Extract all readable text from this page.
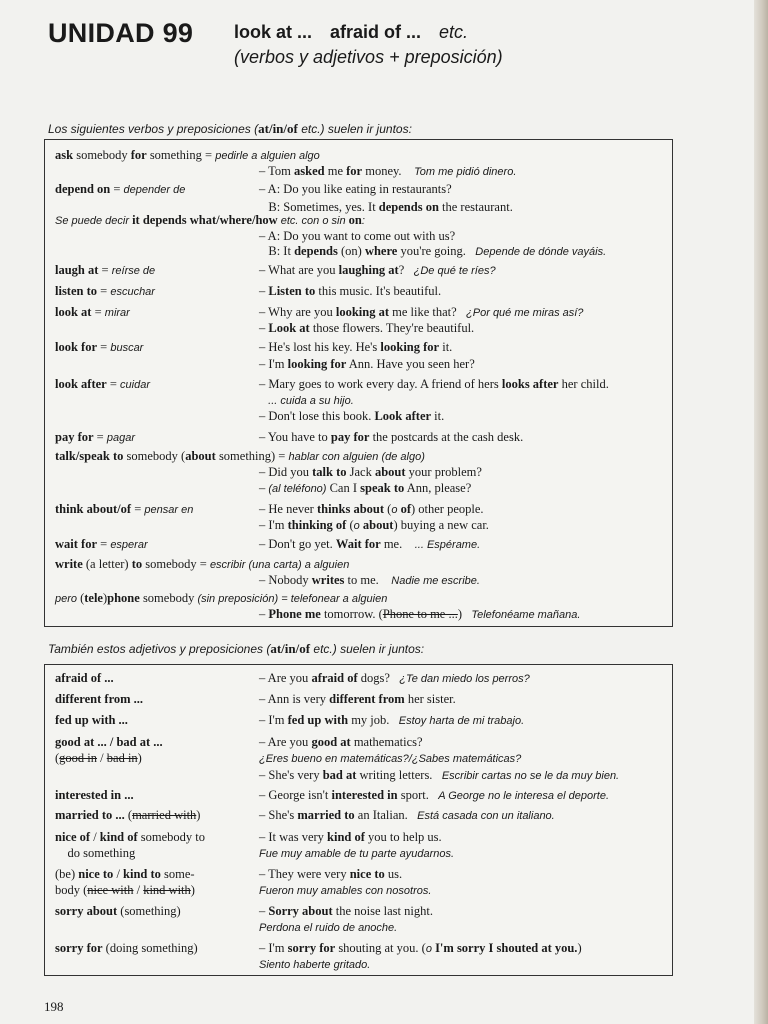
UNIDAD 99 look at ... afraid of ... etc.
(verbos y adjetivos + preposición)
Los siguientes verbos y preposiciones (at/in/of etc.) suelen ir juntos:
ask somebody for something = pedirle a alguien algo
– Tom asked me for money.    Tom me pidió dinero.
depend on = depender de	– A: Do you like eating in restaurants?
B: Sometimes, yes. It depends on the restaurant.
Se puede decir it depends what/where/how etc. con o sin on:
– A: Do you want to come out with us?
B: It depends (on) where you're going.   Depende de dónde vayáis.
laugh at = reírse de	– What are you laughing at?   ¿De qué te ríes?
listen to = escuchar	– Listen to this music. It's beautiful.
look at = mirar	– Why are you looking at me like that?   ¿Por qué me miras así?
– Look at those flowers. They're beautiful.
look for = buscar	– He's lost his key. He's looking for it.
– I'm looking for Ann. Have you seen her?
look after = cuidar	– Mary goes to work every day. A friend of hers looks after her child.
... cuida a su hijo.
– Don't lose this book. Look after it.
pay for = pagar	– You have to pay for the postcards at the cash desk.
talk/speak to somebody (about something) = hablar con alguien (de algo)
– Did you talk to Jack about your problem?
– (al teléfono) Can I speak to Ann, please?
think about/of = pensar en	– He never thinks about (o of) other people.
– I'm thinking of (o about) buying a new car.
wait for = esperar	– Don't go yet. Wait for me.    ... Espérame.
write (a letter) to somebody = escribir (una carta) a alguien
– Nobody writes to me.    Nadie me escribe.
pero (tele)phone somebody (sin preposición) = telefonear a alguien
– Phone me tomorrow. (Phone to me ...)   Telefonéame mañana.
También estos adjetivos y preposiciones (at/in/of etc.) suelen ir juntos:
afraid of ...	– Are you afraid of dogs?   ¿Te dan miedo los perros?
different from ...	– Ann is very different from her sister.
fed up with ...	– I'm fed up with my job.   Estoy harta de mi trabajo.
good at ... / bad at ...	– Are you good at mathematics?
(good in / bad in)	¿Eres bueno en matemáticas?/¿Sabes matemáticas?
– She's very bad at writing letters.   Escribir cartas no se le da muy bien.
interested in ...	– George isn't interested in sport.   A George no le interesa el deporte.
married to ... (married with)	– She's married to an Italian.   Está casada con un italiano.
nice of / kind of somebody to	– It was very kind of you to help us.
do something	Fue muy amable de tu parte ayudarnos.
(be) nice to / kind to some-	– They were very nice to us.
body (nice with / kind with)	Fueron muy amables con nosotros.
sorry about (something)	– Sorry about the noise last night.
Perdona el ruido de anoche.
sorry for (doing something)	– I'm sorry for shouting at you. (o I'm sorry I shouted at you.)
Siento haberte gritado.
198
